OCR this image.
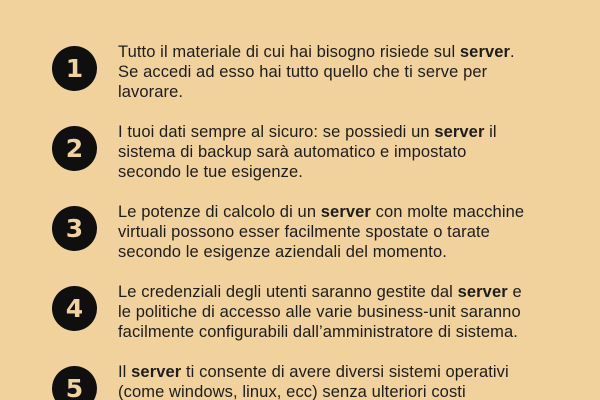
1
Tutto il materiale di cui hai bisogno risiede sul server.
Se accedi ad esso hai tutto quello che ti serve per
lavorare.
2
I tuoi dati sempre al sicuro: se possiedi un server il
sistema di backup sarà automatico e impostato
secondo le tue esigenze.
3
Le potenze di calcolo di un server con molte macchine
virtuali possono esser facilmente spostate o tarate
secondo le esigenze aziendali del momento.
4
Le credenziali degli utenti saranno gestite dal server e
le politiche di accesso alle varie business-unit saranno
facilmente configurabili dall’amministratore di sistema.
5
Il server ti consente di avere diversi sistemi operativi
(come windows, linux, ecc) senza ulteriori costi
